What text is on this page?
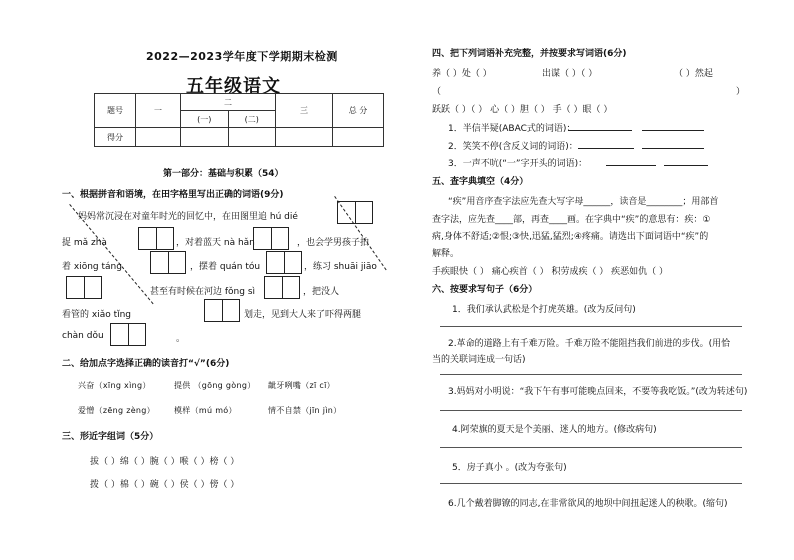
2022—2023学年度下学期期末检测
五年级语文
题号	一	二		三	总 分
		(一)	(二)		
得分					
第一部分：基础与积累（54）
一、根据拼音和语境，在田字格里写出正确的词语(9分)
妈妈常沉浸在对童年时光的回忆中，在田图里追 hú dié
捉 mǎ zhà	，对着蓝天 nà hǎn	，也会学男孩子拍
着 xiōng táng	，摆着 quán tóu	，练习 shuāi jiāo
甚至有时候在河边 fǒng sì	，把没人
看管的 xiǎo tǐng	划走，见到大人来了吓得两腿
chàn dǒu	。
二、给加点字选择正确的读音打“√”(6分)
兴奋（xīng xìng）	提供 （gōng gòng） 龇牙咧嘴（zī cī）
爱憎（zēng zèng） 模样（mú mó）	情不自禁（jīn jìn）
三、形近字组词（5分）
拔（ ）绵（ ）腕（ ）喉（ ）榜（ ）
拨（ ）棉（ ）碗（ ）侯（ ）傍（ ）
四、把下列词语补充完整，并按要求写词语(6分)
养（ ）处（ ）	出谋（ ）（ ）	（ ）然起
（	）
跃跃（ ）（ ） 心（ ）胆（ ） 手（ ）眼（ ）
1．半信半疑(ABAC式的词语)：
2．笑笑不停(含反义词的词语)：
3．一声不吭(“一”字开头的词语)：
五、查字典填空（4分）
“疾”用音序查字法应先查大写字母______，读音是________；用部首
查字法，应先查____部，再查____画。在字典中“疾”的意思有：疾：①
病,身体不舒适;②恨;③快,迅猛,猛烈;④疼痛。请选出下面词语中“疾”的
解释。
手疾眼快（ ） 痛心疾首（ ） 积劳成疾（ ） 疾恶如仇（ ）
六、按要求写句子（6分）
1．我们承认武松是个打虎英雄。(改为反问句)
2.革命的道路上有千难万险。千难万险不能阻挡我们前进的步伐。(用恰
当的关联词连成一句话)
3.妈妈对小明说：“我下午有事可能晚点回来，不要等我吃饭。”(改为转述句)
4.阿荣旗的夏天是个美丽、迷人的地方。(修改病句)
5．房子真小 。(改为夸张句)
6.几个戴着脚镣的同志,在非常欲风的地坝中间扭起迷人的秧歌。(缩句)
